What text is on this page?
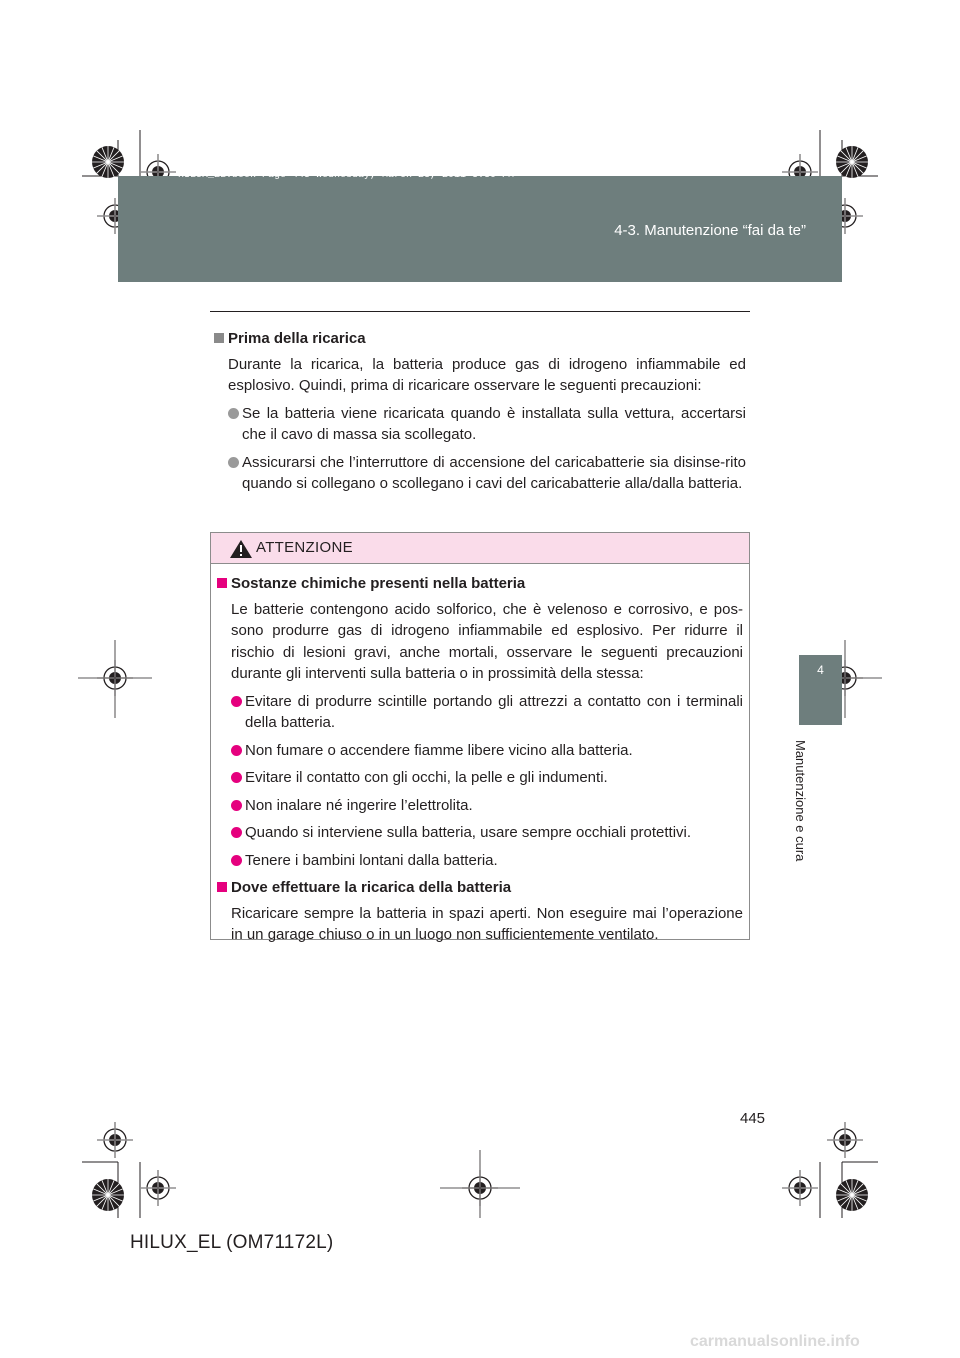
HILUX_EL.book Page 445 Wednesday, March 23, 2011 3:30 PM
4-3. Manutenzione “fai da te”
4
Manutenzione e cura

Prima della ricarica

Durante la ricarica, la batteria produce gas di idrogeno infiammabile ed esplosivo. Quindi, prima di ricaricare osservare le seguenti precauzioni:

Se la batteria viene ricaricata quando è installata sulla vettura, accertarsi che il cavo di massa sia scollegato.
Assicurarsi che l’interruttore di accensione del caricabatterie sia disinse-rito quando si collegano o scollegano i cavi del caricabatterie alla/dalla batteria.
ATTENZIONE

Sostanze chimiche presenti nella batteria

Le batterie contengono acido solforico, che è velenoso e corrosivo, e pos-sono produrre gas di idrogeno infiammabile ed esplosivo. Per ridurre il rischio di lesioni gravi, anche mortali, osservare le seguenti precauzioni durante gli interventi sulla batteria o in prossimità della stessa:

Evitare di produrre scintille portando gli attrezzi a contatto con i terminali della batteria.
Non fumare o accendere fiamme libere vicino alla batteria.
Evitare il contatto con gli occhi, la pelle e gli indumenti.
Non inalare né ingerire l’elettrolita.
Quando si interviene sulla batteria, usare sempre occhiali protettivi.
Tenere i bambini lontani dalla batteria.

Dove effettuare la ricarica della batteria

Ricaricare sempre la batteria in spazi aperti. Non eseguire mai l’operazione in un garage chiuso o in un luogo non sufficientemente ventilato.

445
HILUX_EL (OM71172L)
carmanualsonline.info
